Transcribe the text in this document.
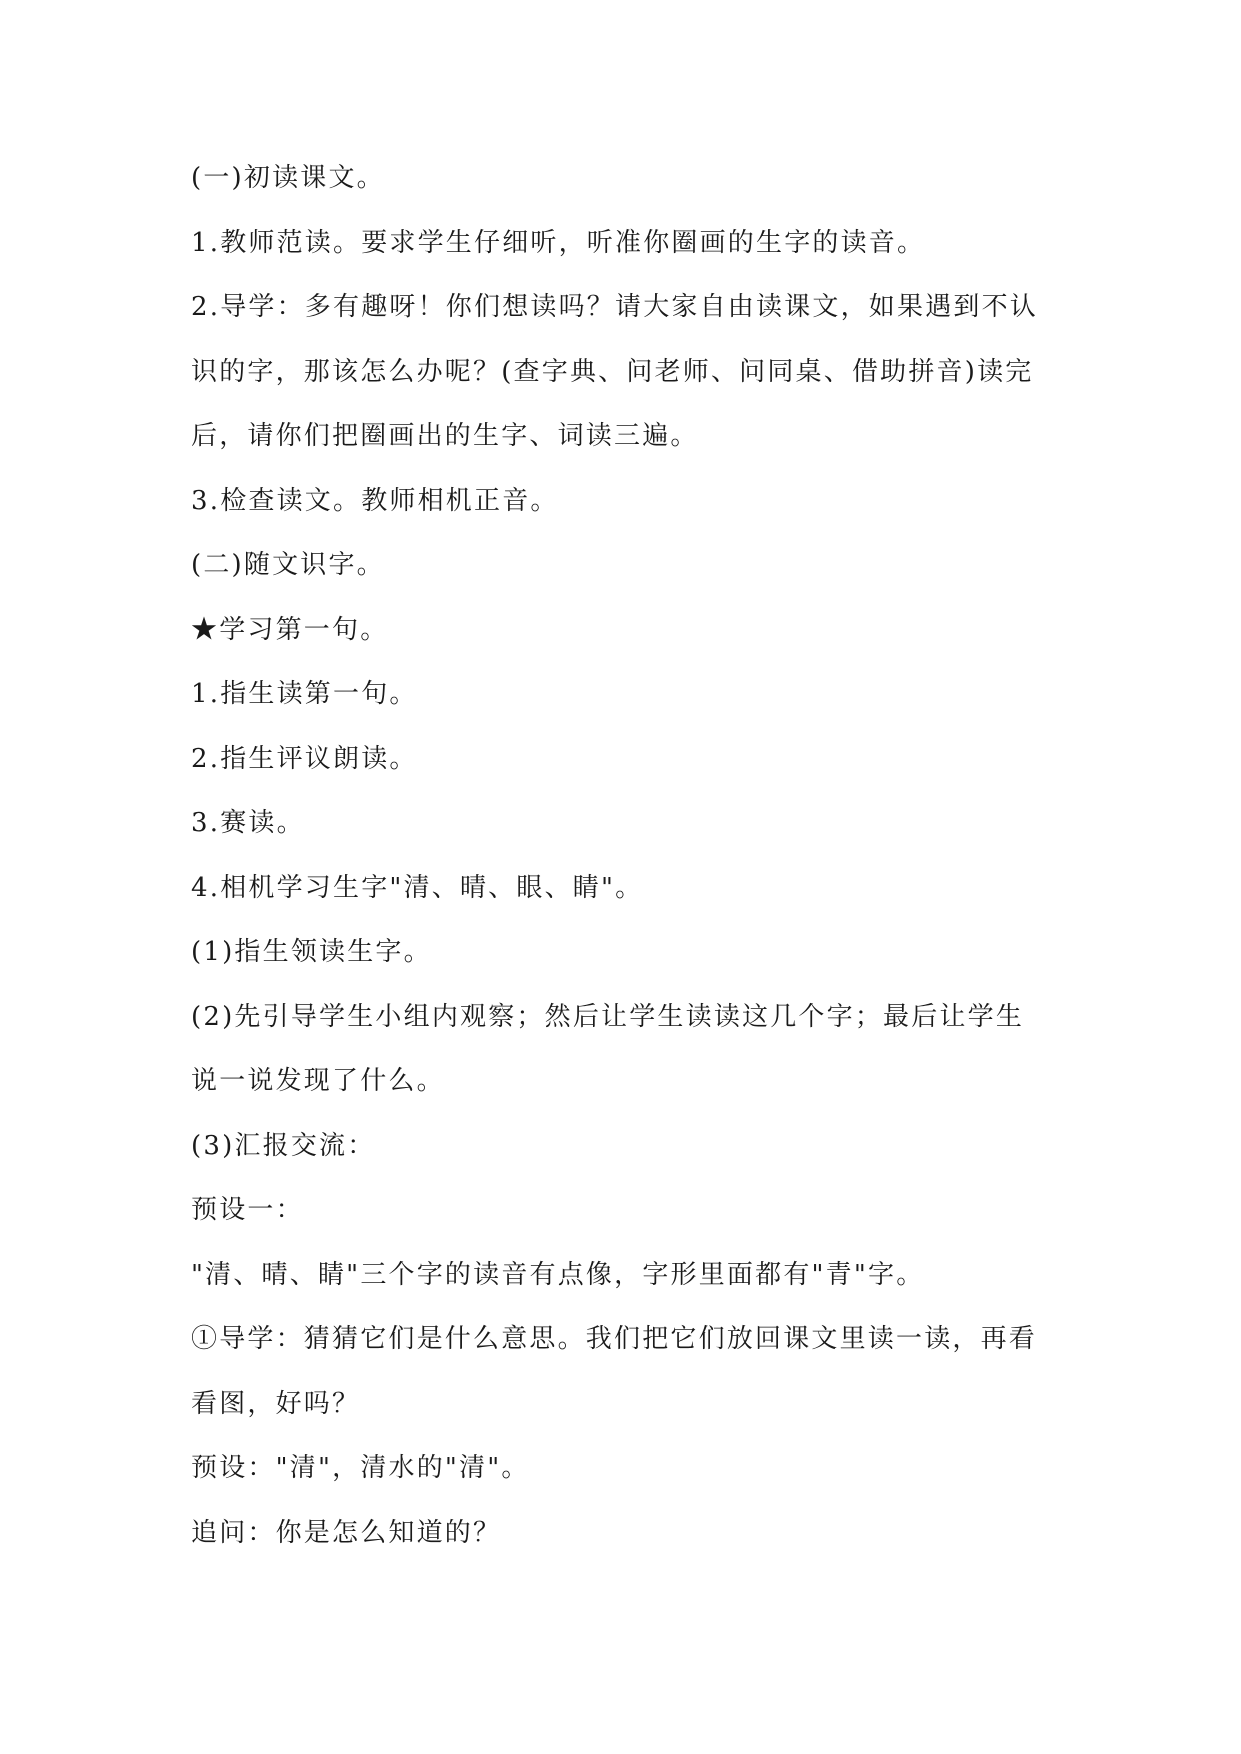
(一)初读课文。

1.教师范读。要求学生仔细听，听准你圈画的生字的读音。

2.导学：多有趣呀！你们想读吗？请大家自由读课文，如果遇到不认

识的字，那该怎么办呢？(查字典、问老师、问同桌、借助拼音)读完

后，请你们把圈画出的生字、词读三遍。

3.检查读文。教师相机正音。

(二)随文识字。

★学习第一句。

1.指生读第一句。

2.指生评议朗读。

3.赛读。

4.相机学习生字"清、晴、眼、睛"。

(1)指生领读生字。

(2)先引导学生小组内观察；然后让学生读读这几个字；最后让学生

说一说发现了什么。

(3)汇报交流：

预设一：

"清、晴、睛"三个字的读音有点像，字形里面都有"青"字。

①导学：猜猜它们是什么意思。我们把它们放回课文里读一读，再看

看图，好吗？

预设："清"，清水的"清"。

追问：你是怎么知道的？
